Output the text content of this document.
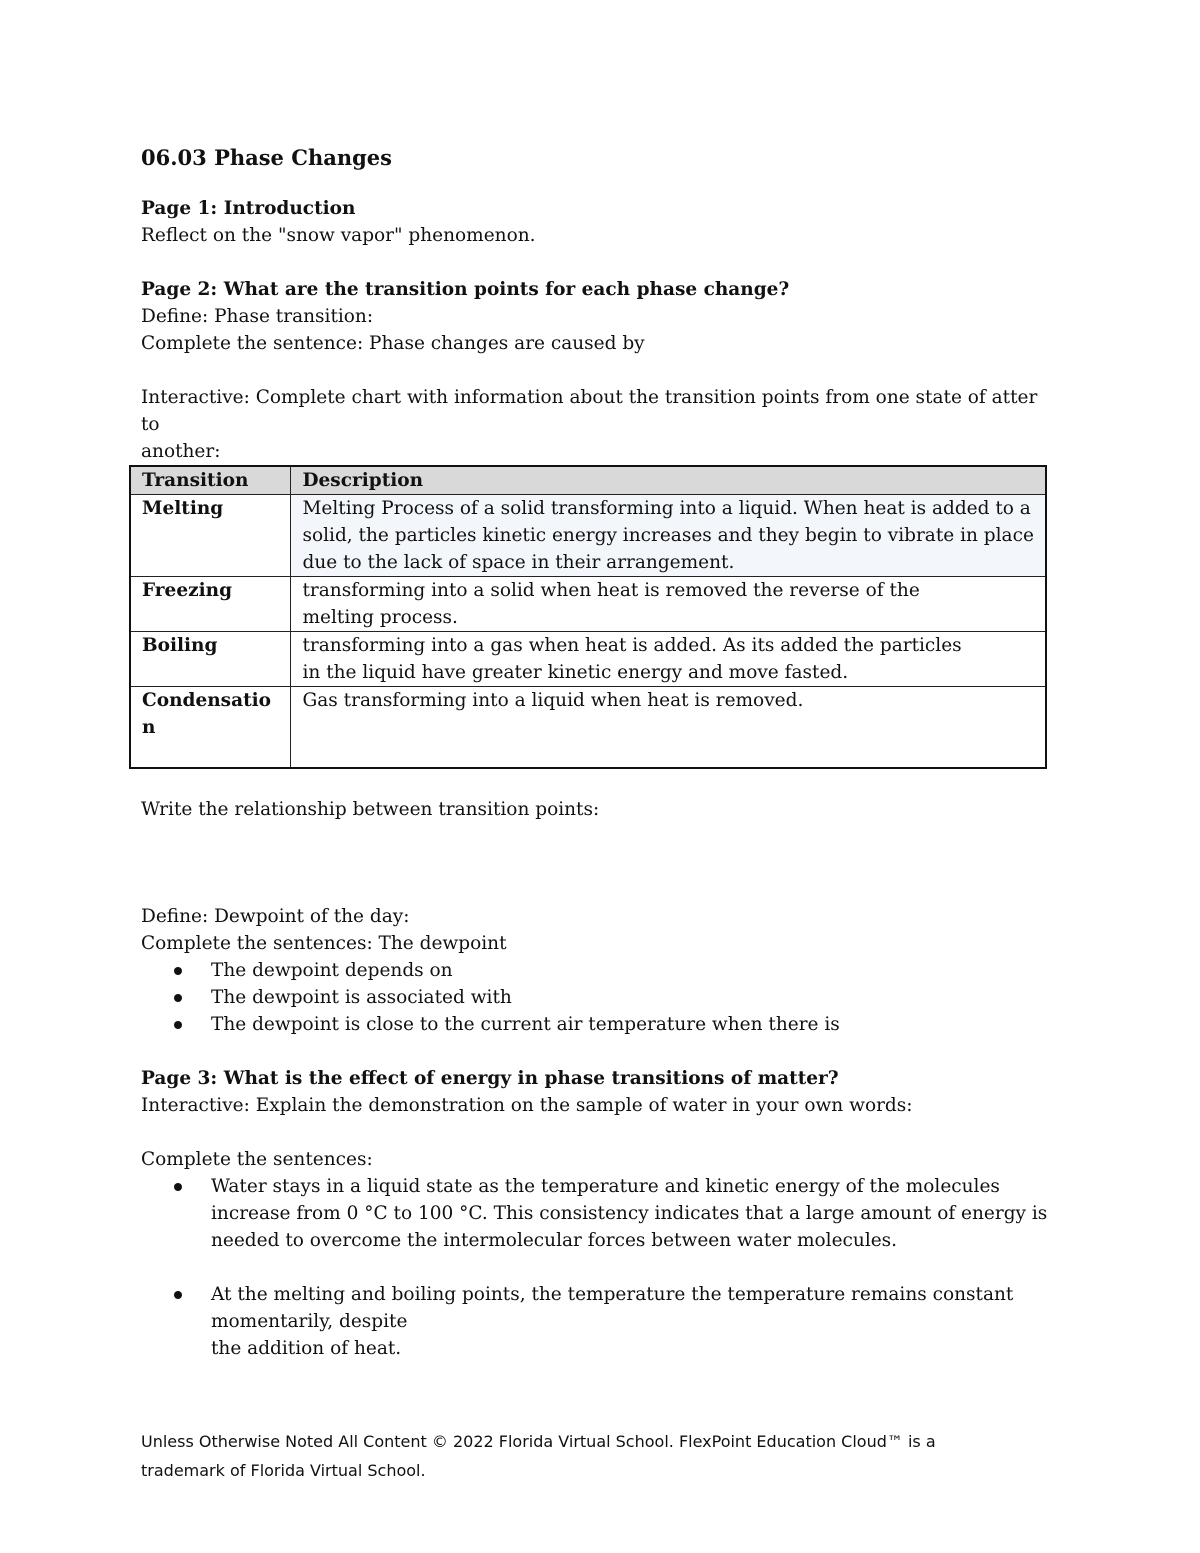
06.03 Phase Changes

Page 1: Introduction

Reflect on the "snow vapor" phenomenon.

Page 2: What are the transition points for each phase change?

Define: Phase transition:

Complete the sentence: Phase changes are caused by

Interactive: Complete chart with information about the transition points from one state of atter to

another:

Transition	Description
Melting	Melting Process of a solid transforming into a liquid. When heat is added to a
solid, the particles kinetic energy increases and they begin to vibrate in place
due to the lack of space in their arrangement.

Freezing	transforming into a solid when heat is removed the reverse of the
melting process.

Boiling	transforming into a gas when heat is added. As its added the particles
in the liquid have greater kinetic energy and move fasted.

Condensatio
n	Gas transforming into a liquid when heat is removed.

Write the relationship between transition points:

Define: Dewpoint of the day:

Complete the sentences: The dewpoint

The dewpoint depends on
The dewpoint is associated with
The dewpoint is close to the current air temperature when there is

Page 3: What is the effect of energy in phase transitions of matter?

Interactive: Explain the demonstration on the sample of water in your own words:

Complete the sentences:

Water stays in a liquid state as the temperature and kinetic energy of the molecules
increase from 0 °C to 100 °C. This consistency indicates that a large amount of energy is
needed to overcome the intermolecular forces between water molecules.
At the melting and boiling points, the temperature the temperature remains constant
momentarily, despite
the addition of heat.
Unless Otherwise Noted All Content © 2022 Florida Virtual School. FlexPoint Education Cloud™ is a
trademark of Florida Virtual School.
